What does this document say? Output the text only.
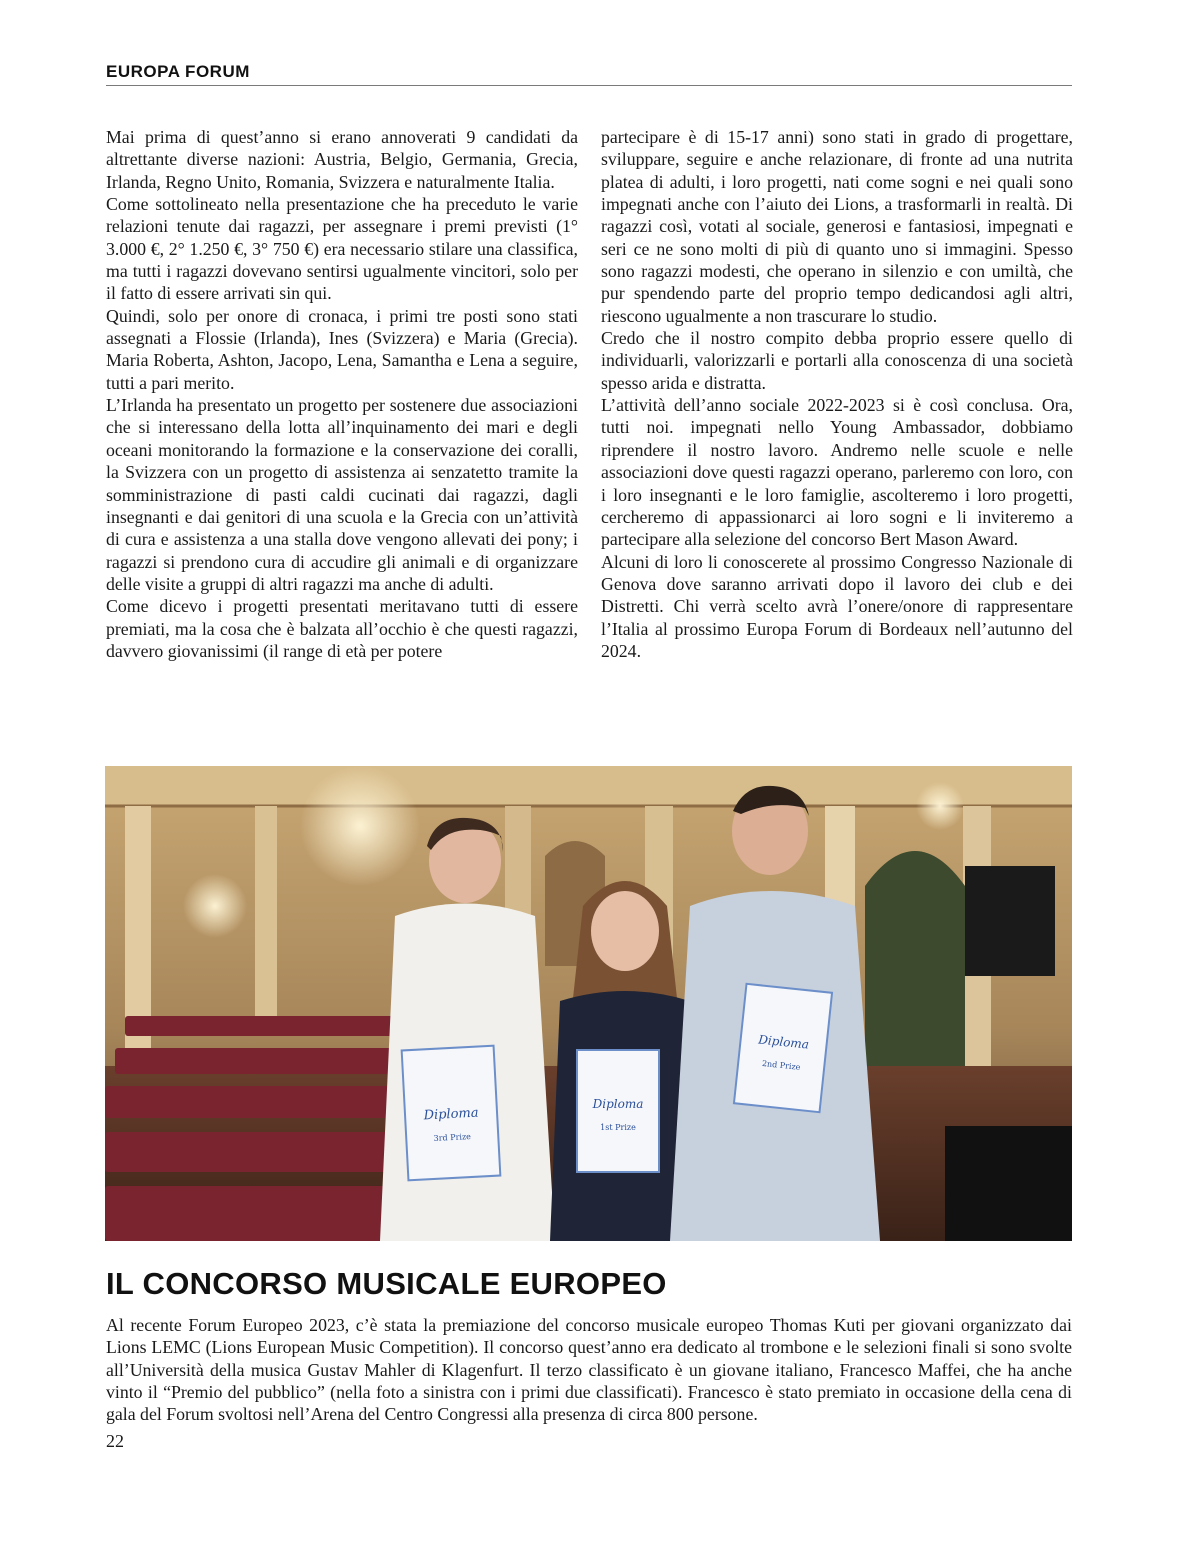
EUROPA FORUM

Mai prima di quest’anno si erano annoverati 9 candidati da altrettante diverse nazioni: Austria, Belgio, Germania, Grecia, Irlanda, Regno Unito, Romania, Svizzera e naturalmente Italia.

Come sottolineato nella presentazione che ha preceduto le varie relazioni tenute dai ragazzi, per assegnare i premi previsti (1° 3.000 €, 2° 1.250 €, 3° 750 €) era necessario stilare una classifica, ma tutti i ragazzi dovevano sentirsi ugualmente vincitori, solo per il fatto di essere arrivati sin qui.

Quindi, solo per onore di cronaca, i primi tre posti sono stati assegnati a Flossie (Irlanda), Ines (Svizzera) e Maria (Grecia). Maria Roberta, Ashton, Jacopo, Lena, Samantha e Lena a seguire, tutti a pari merito.

L’Irlanda ha presentato un progetto per sostenere due associazioni che si interessano della lotta all’inquinamento dei mari e degli oceani monitorando la formazione e la conservazione dei coralli, la Svizzera con un progetto di assistenza ai senzatetto tramite la somministrazione di pasti caldi cucinati dai ragazzi, dagli insegnanti e dai genitori di una scuola e la Grecia con un’attività di cura e assistenza a una stalla dove vengono allevati dei pony; i ragazzi si prendono cura di accudire gli animali e di organizzare delle visite a gruppi di altri ragazzi ma anche di adulti.

Come dicevo i progetti presentati meritavano tutti di essere premiati, ma la cosa che è balzata all’occhio è che questi ragazzi, davvero giovanissimi (il range di età per potere

partecipare è di 15-17 anni) sono stati in grado di progettare, sviluppare, seguire e anche relazionare, di fronte ad una nutrita platea di adulti, i loro progetti, nati come sogni e nei quali sono impegnati anche con l’aiuto dei Lions, a trasformarli in realtà. Di ragazzi così, votati al sociale, generosi e fantasiosi, impegnati e seri ce ne sono molti di più di quanto uno si immagini. Spesso sono ragazzi modesti, che operano in silenzio e con umiltà, che pur spendendo parte del proprio tempo dedicandosi agli altri, riescono ugualmente a non trascurare lo studio.

Credo che il nostro compito debba proprio essere quello di individuarli, valorizzarli e portarli alla conoscenza di una società spesso arida e distratta.

L’attività dell’anno sociale 2022-2023 si è così conclusa. Ora, tutti noi. impegnati nello Young Ambassador, dobbiamo riprendere il nostro lavoro. Andremo nelle scuole e nelle associazioni dove questi ragazzi operano, parleremo con loro, con i loro insegnanti e le loro famiglie, ascolteremo i loro progetti, cercheremo di appassionarci ai loro sogni e li inviteremo a partecipare alla selezione del concorso Bert Mason Award.

Alcuni di loro li conoscerete al prossimo Congresso Nazionale di Genova dove saranno arrivati dopo il lavoro dei club e dei Distretti. Chi verrà scelto avrà l’onere/onore di rappresentare l’Italia al prossimo Europa Forum di Bordeaux nell’autunno del 2024.

Diploma
3rd Prize
Diploma
1st Prize
Diploma
2nd Prize
IL CONCORSO MUSICALE EUROPEO

Al recente Forum Europeo 2023, c’è stata la premiazione del concorso musicale europeo Thomas Kuti per giovani organizzato dai Lions LEMC (Lions European Music Competition). Il concorso quest’anno era dedicato al trombone e le selezioni finali si sono svolte all’Università della musica Gustav Mahler di Klagenfurt. Il terzo classificato è un giovane italiano, Francesco Maffei, che ha anche vinto il “Premio del pubblico” (nella foto a sinistra con i primi due classificati). Francesco è stato premiato in occasione della cena di gala del Forum svoltosi nell’Arena del Centro Congressi alla presenza di circa 800 persone.

22
